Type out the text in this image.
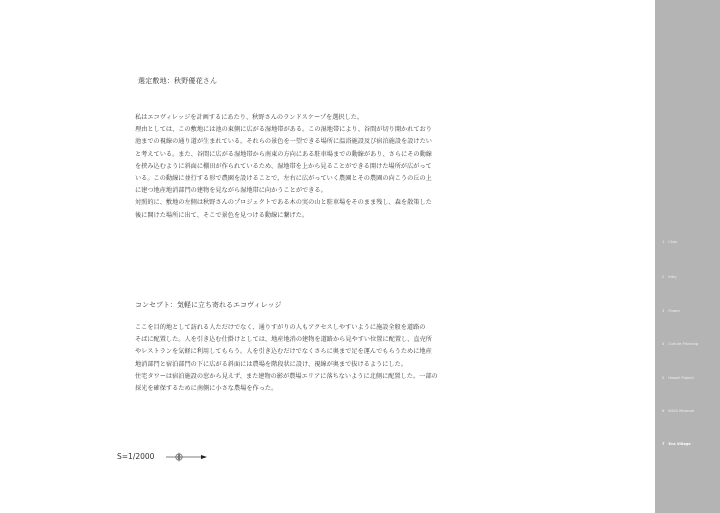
選定敷地：秋野優花さん

私はエコヴィレッジを計画するにあたり、秋野さんのランドスケープを選択した。

理由としては、この敷地には池の東側に広がる湿地帯がある。この湿地帯により、谷間が切り開かれており

池までの視線の通り道が生まれている。それらの景色を一望できる場所に温浴施設及び宿泊施設を設けたい

と考えている。また、谷間に広がる湿地帯から南東の方向にある駐車場までの動線があり、さらにその動線

を挟み込むように斜面に棚田が作られているため、湿地帯を上から見ることができる開けた場所が広がって

いる。この動線に並行する形で農園を設けることで、左右に広がっていく農園とその農園の向こうの丘の上

に建つ地産地消部門の建物を見ながら湿地帯に向かうことができる。

対照的に、敷地の左側は秋野さんのプロジェクトである木の実の山と駐車場をそのまま残し、森を散策した

後に開けた場所に出て、そこで景色を見つける動線に繋げた。

コンセプト：気軽に立ち寄れるエコヴィレッジ

ここを目的地として訪れる人ただけでなく、通りすがりの人もアクセスしやすいように施設全般を道路の

そばに配置した。人を引き込む仕掛けとしては、地産地消の建物を道路から見やすい位置に配置し、直売所

やレストランを気軽に利用してもらう。人を引き込むだけでなくさらに奥まで足を運んでもらうために地産

地消部門と宿泊部門の下に広がる斜面には農場を階段状に設け、視線が奥まで抜けるようにした。

住宅タワーは宿泊施設の窓から見えず、また建物の影が農場エリアに落ちないように北側に配置した。一部の

採光を確保するために南側に小さな農場を作った。

S=1/2000
1 Chair
2 Kitty
3 Flower
4 Culture Planning
5 Hawaii Project
6 KUAS Museum
7 Eco Village
